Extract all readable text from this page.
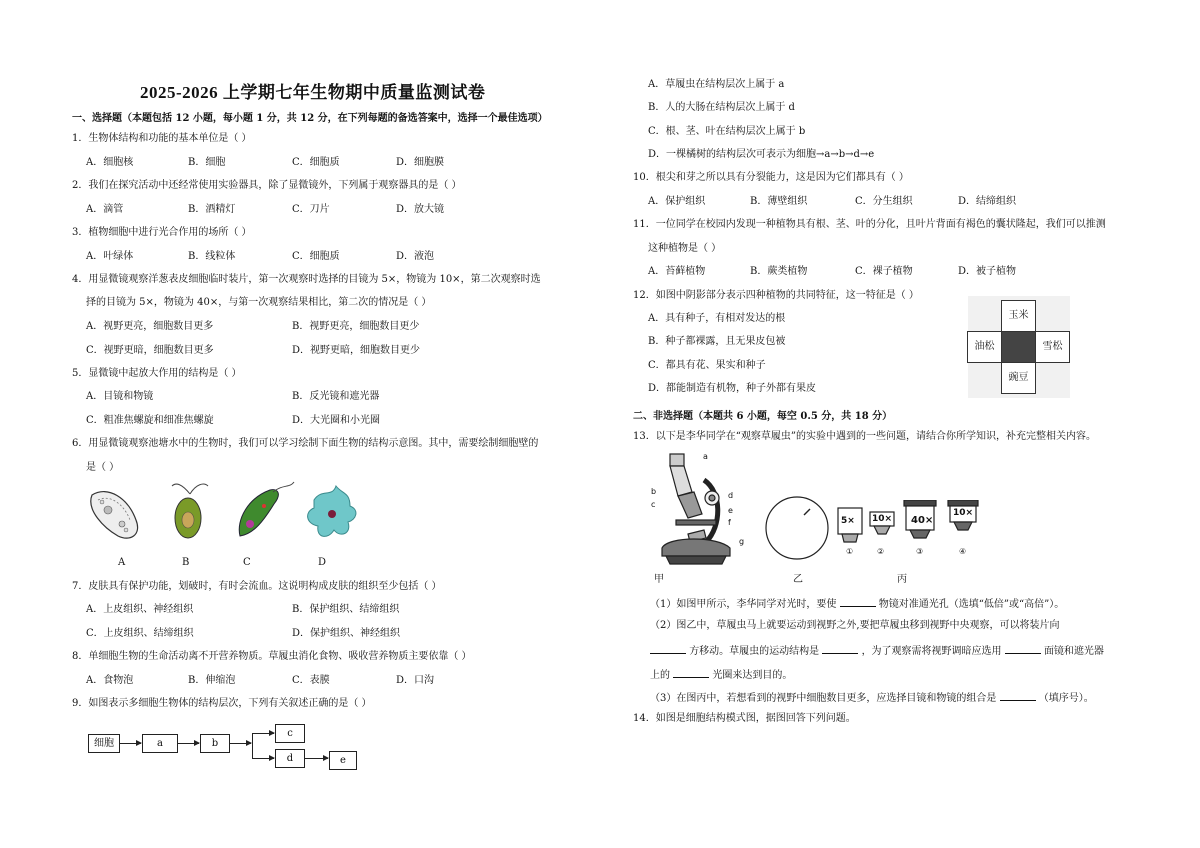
2025-2026 上学期七年生物期中质量监测试卷
一、选择题（本题包括 12 小题，每小题 1 分，共 12 分，在下列每题的备选答案中，选择一个最佳选项）
1．生物体结构和功能的基本单位是（ ）
A．细胞核	B．细胞	C．细胞质	D．细胞膜
2．我们在探究活动中还经常使用实验器具，除了显微镜外，下列属于观察器具的是（ ）
A．滴管	B．酒精灯	C．刀片	D．放大镜
3．植物细胞中进行光合作用的场所（ ）
A．叶绿体	B．线粒体	C．细胞质	D．液泡
4．用显微镜观察洋葱表皮细胞临时装片，第一次观察时选择的目镜为 5×，物镜为 10×，第二次观察时选
择的目镜为 5×，物镜为 40×，与第一次观察结果相比，第二次的情况是（ ）
A．视野更亮，细胞数目更多	B．视野更亮，细胞数目更少
C．视野更暗，细胞数目更多	D．视野更暗，细胞数目更少
5．显微镜中起放大作用的结构是（ ）
A．目镜和物镜	B．反光镜和遮光器
C．粗准焦螺旋和细准焦螺旋	D．大光圈和小光圈
6．用显微镜观察池塘水中的生物时，我们可以学习绘制下面生物的结构示意图。其中，需要绘制细胞壁的
是（ ）
A	B	C	D
7．皮肤具有保护功能，划破时，有时会流血。这说明构成皮肤的组织至少包括（ ）
A．上皮组织、神经组织	B．保护组织、结缔组织
C．上皮组织、结缔组织	D．保护组织、神经组织
8．单细胞生物的生命活动离不开营养物质。草履虫消化食物、吸收营养物质主要依靠（ ）
A．食物泡	B．伸缩泡	C．表膜	D．口沟
9．如图表示多细胞生物体的结构层次，下列有关叙述正确的是（ ）
细胞	a	b
c
d	e
A．草履虫在结构层次上属于 a
B．人的大肠在结构层次上属于 d
C．根、茎、叶在结构层次上属于 b
D．一棵橘树的结构层次可表示为细胞→a→b→d→e
10．根尖和芽之所以具有分裂能力，这是因为它们都具有（ ）
A．保护组织	B．薄壁组织	C．分生组织	D．结缔组织
11．一位同学在校园内发现一种植物具有根、茎、叶的分化，且叶片背面有褐色的囊状隆起，我们可以推测
这种植物是（ ）
A．苔藓植物	B．蕨类植物	C．裸子植物	D．被子植物
12．如图中阴影部分表示四种植物的共同特征，这一特征是（ ）
A．具有种子，有相对发达的根
B．种子都裸露，且无果皮包被
C．都具有花、果实和种子
D．都能制造有机物，种子外都有果皮
玉米
油松	雪松
豌豆
二、非选择题（本题共 6 小题，每空 0.5 分，共 18 分）
13．以下是李华同学在“观察草履虫”的实验中遇到的一些问题，请结合你所学知识，补充完整相关内容。
a
b
c
d
e
f
g
5× 10× 40×
10×
①	②	③	④
甲	乙	丙
（1）如图甲所示，李华同学对光时，要使	物镜对准通光孔（选填“低倍”或“高倍”）。
（2）图乙中，草履虫马上就要运动到视野之外,要把草履虫移到视野中央观察，可以将装片向
方移动。草履虫的运动结构是	，为了观察需将视野调暗应选用	面镜和遮光器
上的	光圈来达到目的。
（3）在图丙中，若想看到的视野中细胞数目更多，应选择目镜和物镜的组合是	（填序号）。
14．如图是细胞结构模式图，据图回答下列问题。
